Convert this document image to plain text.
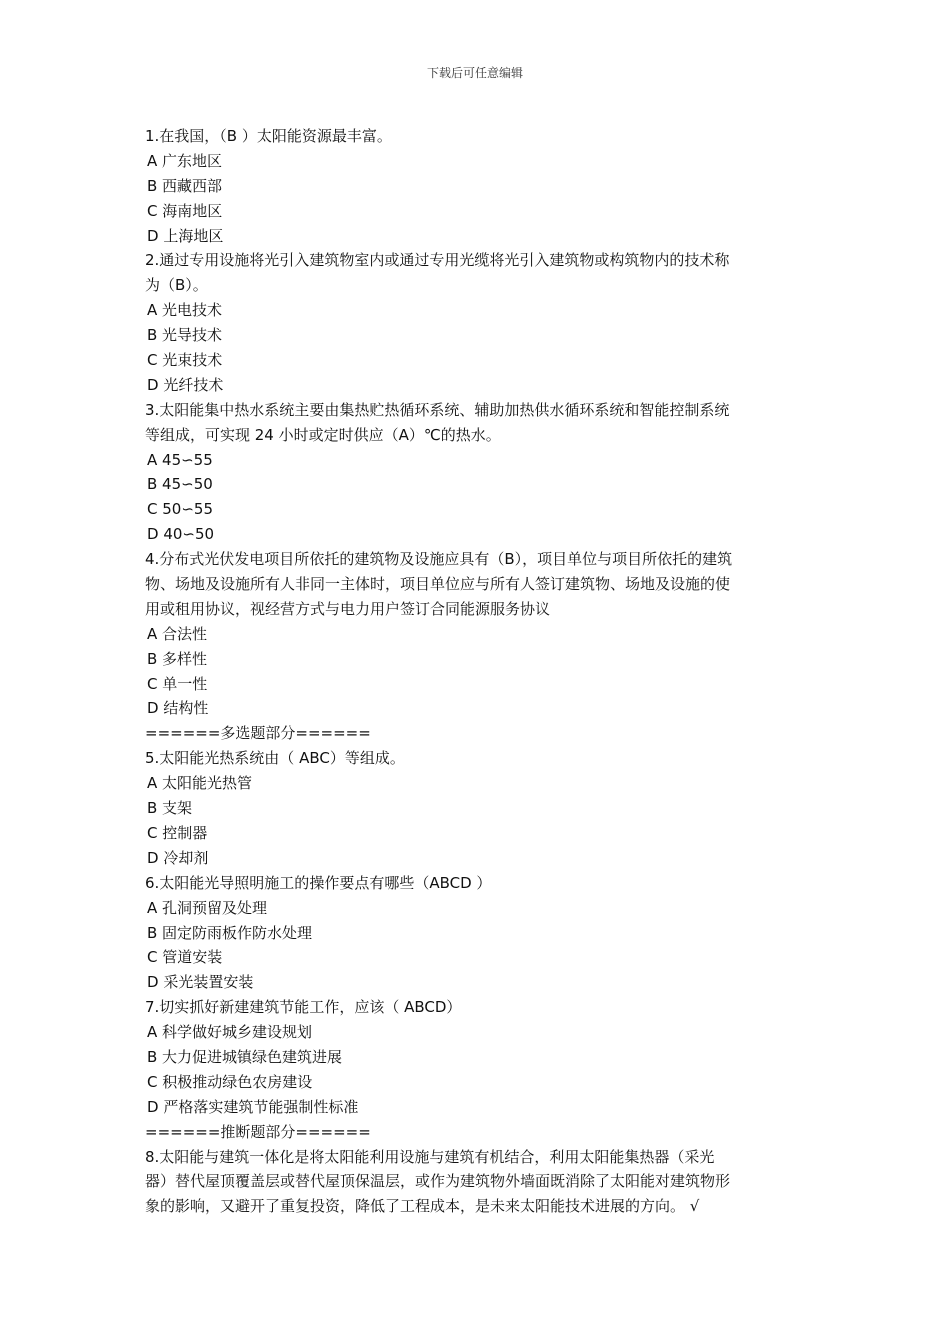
下载后可任意编辑
1.在我国，（B ）太阳能资源最丰富。
A 广东地区
B 西藏西部
C 海南地区
D 上海地区
2.通过专用设施将光引入建筑物室内或通过专用光缆将光引入建筑物或构筑物内的技术称
为（B）。
A 光电技术
B 光导技术
C 光束技术
D 光纤技术
3.太阳能集中热水系统主要由集热贮热循环系统、辅助加热供水循环系统和智能控制系统
等组成，可实现 24 小时或定时供应（A）℃的热水。
A 45∽55
B 45∽50
C 50∽55
D 40∽50
4.分布式光伏发电项目所依托的建筑物及设施应具有（B），项目单位与项目所依托的建筑
物、场地及设施所有人非同一主体时，项目单位应与所有人签订建筑物、场地及设施的使
用或租用协议，视经营方式与电力用户签订合同能源服务协议
A 合法性
B 多样性
C 单一性
D 结构性
======多选题部分======
5.太阳能光热系统由（ ABC）等组成。
A 太阳能光热管
B 支架
C 控制器
D 冷却剂
6.太阳能光导照明施工的操作要点有哪些（ABCD ）
A 孔洞预留及处理
B 固定防雨板作防水处理
C 管道安装
D 采光装置安装
7.切实抓好新建建筑节能工作，应该（ ABCD）
A 科学做好城乡建设规划
B 大力促进城镇绿色建筑进展
C 积极推动绿色农房建设
D 严格落实建筑节能强制性标准
======推断题部分======
8.太阳能与建筑一体化是将太阳能利用设施与建筑有机结合，利用太阳能集热器（采光
器）替代屋顶覆盖层或替代屋顶保温层，或作为建筑物外墙面既消除了太阳能对建筑物形
象的影响，又避开了重复投资，降低了工程成本，是未来太阳能技术进展的方向。 √
